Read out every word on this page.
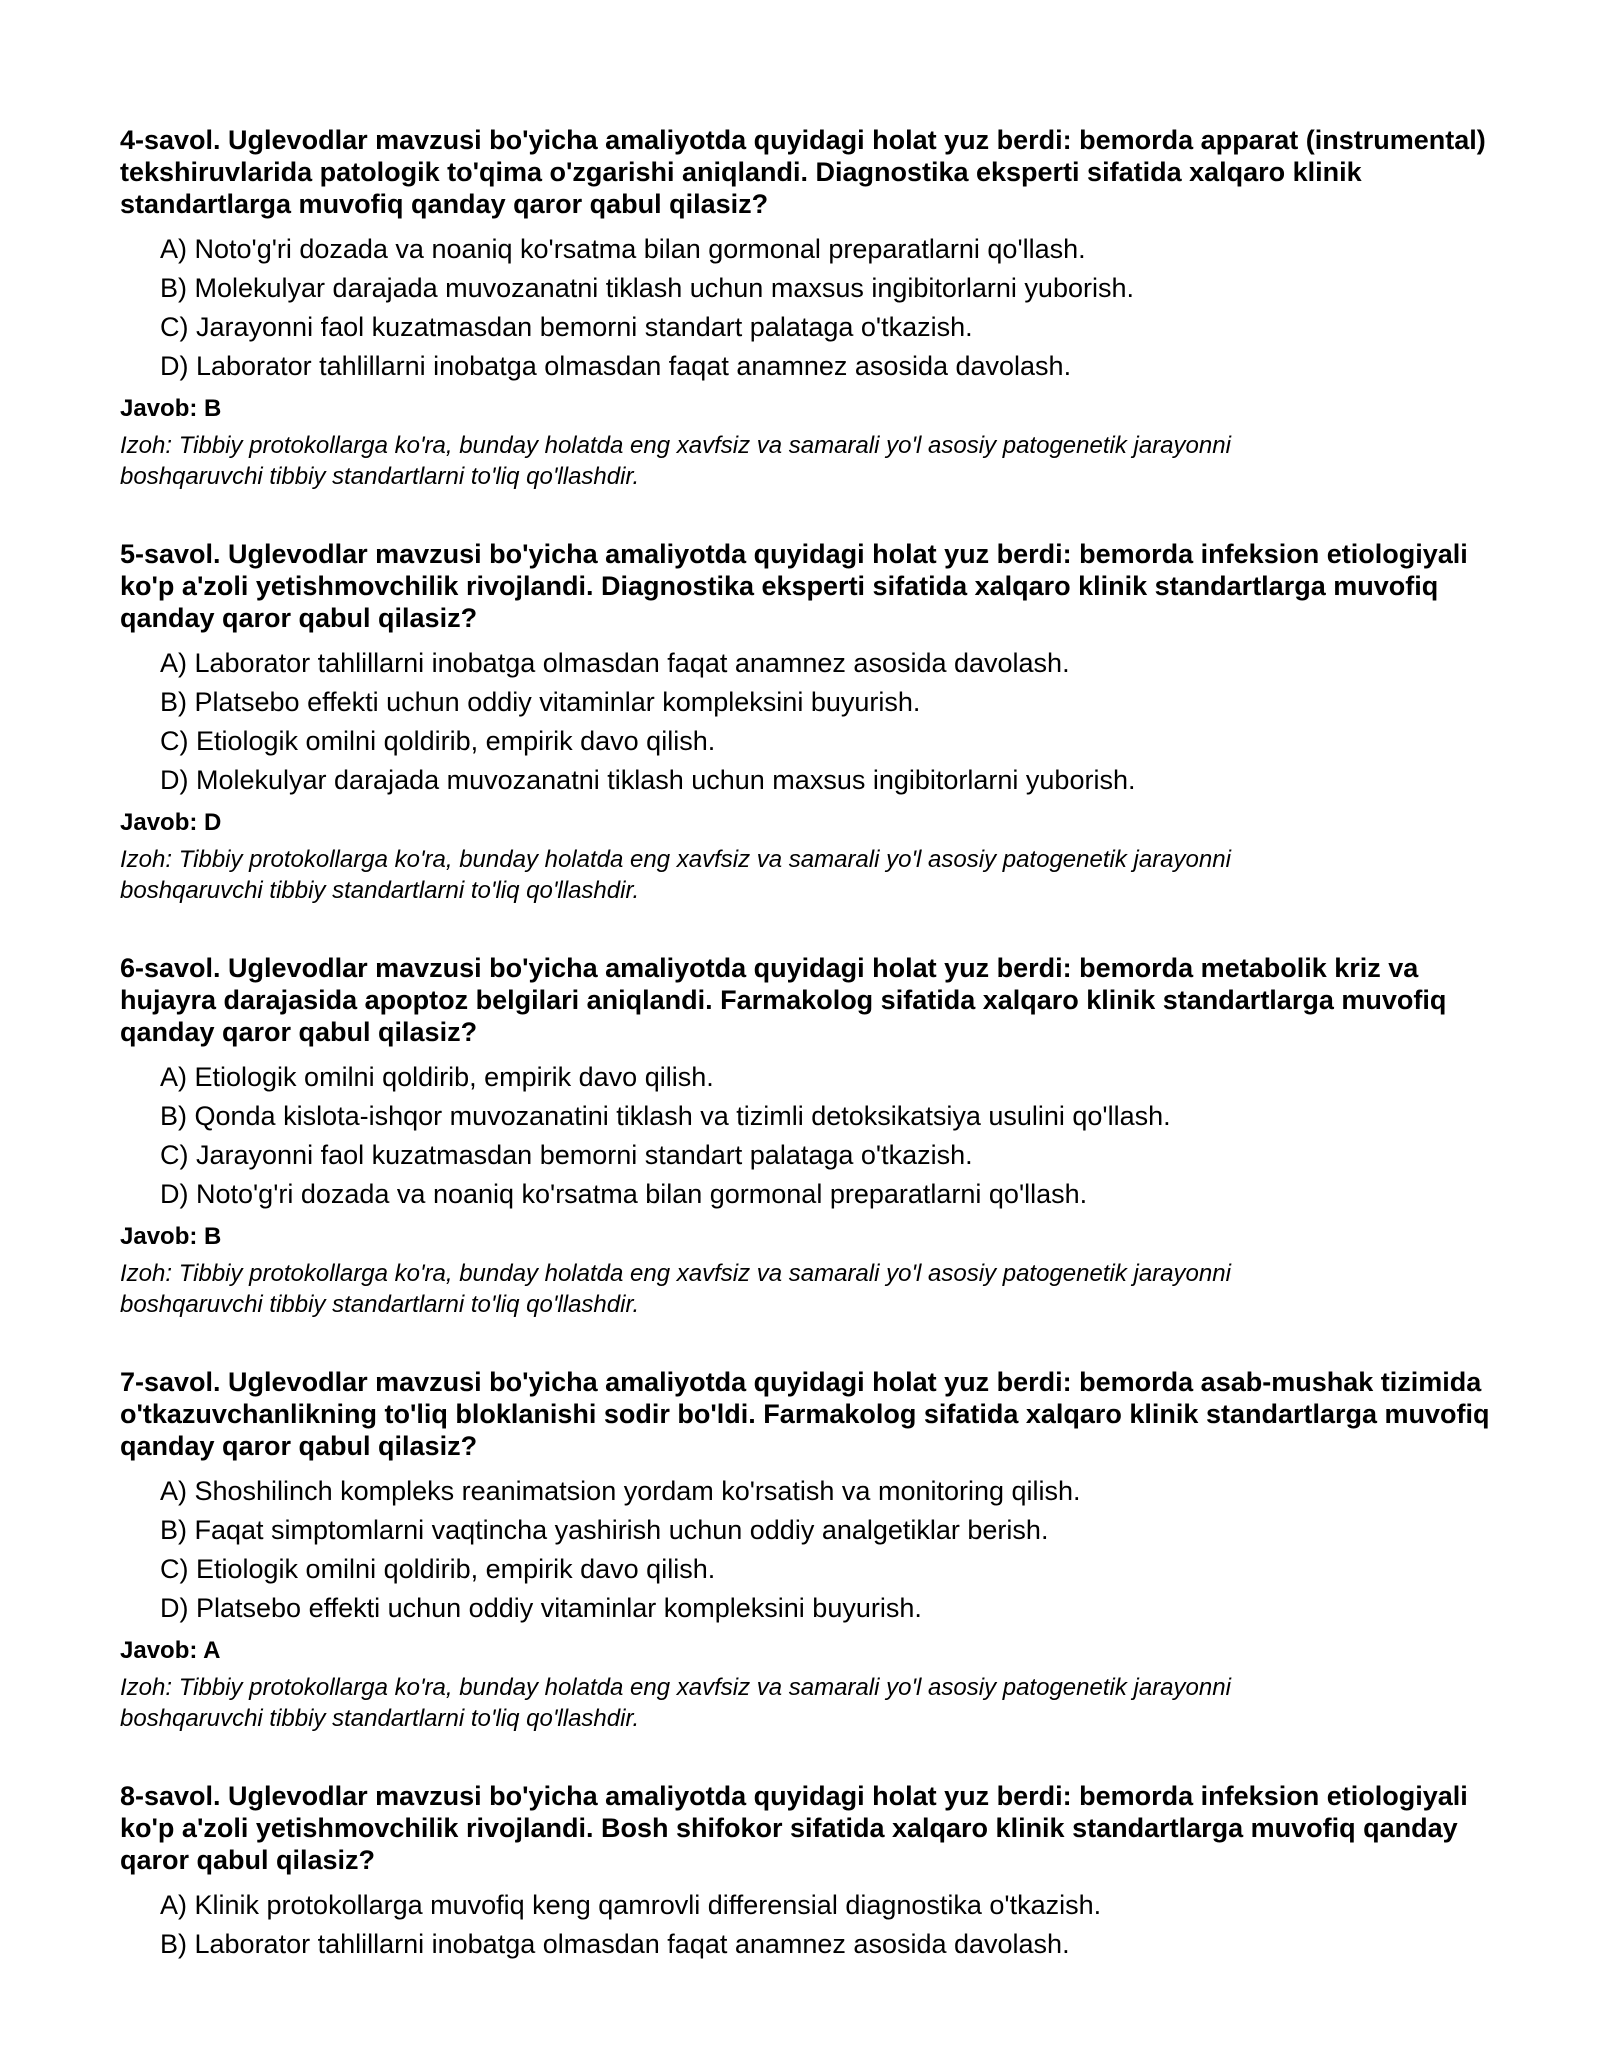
4-savol. Uglevodlar mavzusi bo'yicha amaliyotda quyidagi holat yuz berdi: bemorda apparat (instrumental) tekshiruvlarida patologik to'qima o'zgarishi aniqlandi. Diagnostika eksperti sifatida xalqaro klinik standartlarga muvofiq qanday qaror qabul qilasiz?

A) Noto'g'ri dozada va noaniq ko'rsatma bilan gormonal preparatlarni qo'llash.
B) Molekulyar darajada muvozanatni tiklash uchun maxsus ingibitorlarni yuborish.
C) Jarayonni faol kuzatmasdan bemorni standart palataga o'tkazish.
D) Laborator tahlillarni inobatga olmasdan faqat anamnez asosida davolash.
Javob: B
Izoh: Tibbiy protokollarga ko'ra, bunday holatda eng xavfsiz va samarali yo'l asosiy patogenetik jarayonni boshqaruvchi tibbiy standartlarni to'liq qo'llashdir.

5-savol. Uglevodlar mavzusi bo'yicha amaliyotda quyidagi holat yuz berdi: bemorda infeksion etiologiyali ko'p a'zoli yetishmovchilik rivojlandi. Diagnostika eksperti sifatida xalqaro klinik standartlarga muvofiq qanday qaror qabul qilasiz?

A) Laborator tahlillarni inobatga olmasdan faqat anamnez asosida davolash.
B) Platsebo effekti uchun oddiy vitaminlar kompleksini buyurish.
C) Etiologik omilni qoldirib, empirik davo qilish.
D) Molekulyar darajada muvozanatni tiklash uchun maxsus ingibitorlarni yuborish.
Javob: D
Izoh: Tibbiy protokollarga ko'ra, bunday holatda eng xavfsiz va samarali yo'l asosiy patogenetik jarayonni boshqaruvchi tibbiy standartlarni to'liq qo'llashdir.

6-savol. Uglevodlar mavzusi bo'yicha amaliyotda quyidagi holat yuz berdi: bemorda metabolik kriz va hujayra darajasida apoptoz belgilari aniqlandi. Farmakolog sifatida xalqaro klinik standartlarga muvofiq qanday qaror qabul qilasiz?

A) Etiologik omilni qoldirib, empirik davo qilish.
B) Qonda kislota-ishqor muvozanatini tiklash va tizimli detoksikatsiya usulini qo'llash.
C) Jarayonni faol kuzatmasdan bemorni standart palataga o'tkazish.
D) Noto'g'ri dozada va noaniq ko'rsatma bilan gormonal preparatlarni qo'llash.
Javob: B
Izoh: Tibbiy protokollarga ko'ra, bunday holatda eng xavfsiz va samarali yo'l asosiy patogenetik jarayonni boshqaruvchi tibbiy standartlarni to'liq qo'llashdir.

7-savol. Uglevodlar mavzusi bo'yicha amaliyotda quyidagi holat yuz berdi: bemorda asab-mushak tizimida o'tkazuvchanlikning to'liq bloklanishi sodir bo'ldi. Farmakolog sifatida xalqaro klinik standartlarga muvofiq qanday qaror qabul qilasiz?

A) Shoshilinch kompleks reanimatsion yordam ko'rsatish va monitoring qilish.
B) Faqat simptomlarni vaqtincha yashirish uchun oddiy analgetiklar berish.
C) Etiologik omilni qoldirib, empirik davo qilish.
D) Platsebo effekti uchun oddiy vitaminlar kompleksini buyurish.
Javob: A
Izoh: Tibbiy protokollarga ko'ra, bunday holatda eng xavfsiz va samarali yo'l asosiy patogenetik jarayonni boshqaruvchi tibbiy standartlarni to'liq qo'llashdir.

8-savol. Uglevodlar mavzusi bo'yicha amaliyotda quyidagi holat yuz berdi: bemorda infeksion etiologiyali ko'p a'zoli yetishmovchilik rivojlandi. Bosh shifokor sifatida xalqaro klinik standartlarga muvofiq qanday qaror qabul qilasiz?

A) Klinik protokollarga muvofiq keng qamrovli differensial diagnostika o'tkazish.
B) Laborator tahlillarni inobatga olmasdan faqat anamnez asosida davolash.
